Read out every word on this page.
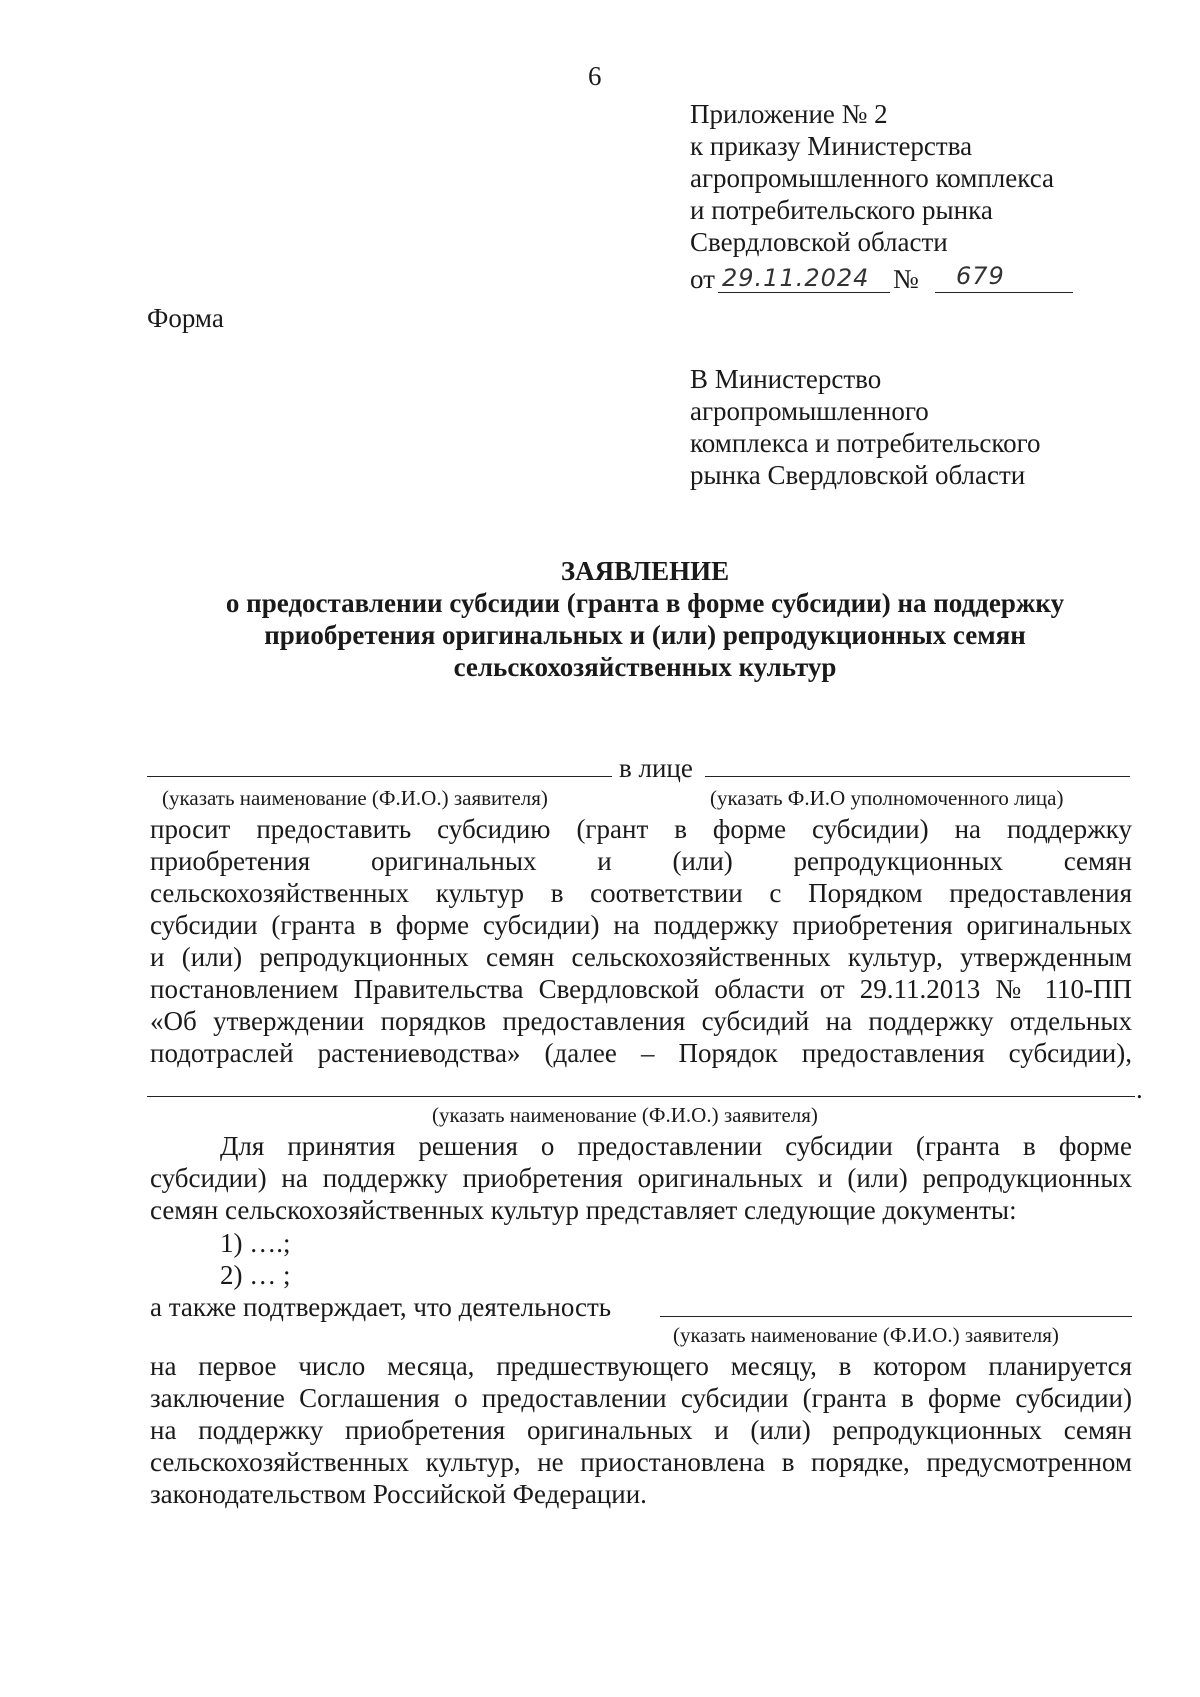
6
Приложение № 2
к приказу Министерства
агропромышленного комплекса
и потребительского рынка
Свердловской области
от 29.11.2024 № 679
Форма
В Министерство
агропромышленного
комплекса и потребительского
рынка Свердловской области
ЗАЯВЛЕНИЕ
о предоставлении субсидии (гранта в форме субсидии) на поддержку
приобретения оригинальных и (или) репродукционных семян
сельскохозяйственных культур
в лице
(указать наименование (Ф.И.О.) заявителя)	(указать Ф.И.О уполномоченного лица)
просит предоставить субсидию (грант в форме субсидии) на поддержку
приобретения оригинальных и (или) репродукционных семян
сельскохозяйственных культур в соответствии с Порядком предоставления
субсидии (гранта в форме субсидии) на поддержку приобретения оригинальных
и (или) репродукционных семян сельскохозяйственных культур, утвержденным
постановлением Правительства Свердловской области от 29.11.2013 № 110-ПП
«Об утверждении порядков предоставления субсидий на поддержку отдельных
подотраслей растениеводства» (далее – Порядок предоставления субсидии),
.
(указать наименование (Ф.И.О.) заявителя)
Для принятия решения о предоставлении субсидии (гранта в форме
субсидии) на поддержку приобретения оригинальных и (или) репродукционных
семян сельскохозяйственных культур представляет следующие документы:
1) ….;
2) … ;
а также подтверждает, что деятельность
(указать наименование (Ф.И.О.) заявителя)
на первое число месяца, предшествующего месяцу, в котором планируется
заключение Соглашения о предоставлении субсидии (гранта в форме субсидии)
на поддержку приобретения оригинальных и (или) репродукционных семян
сельскохозяйственных культур, не приостановлена в порядке, предусмотренном
законодательством Российской Федерации.
